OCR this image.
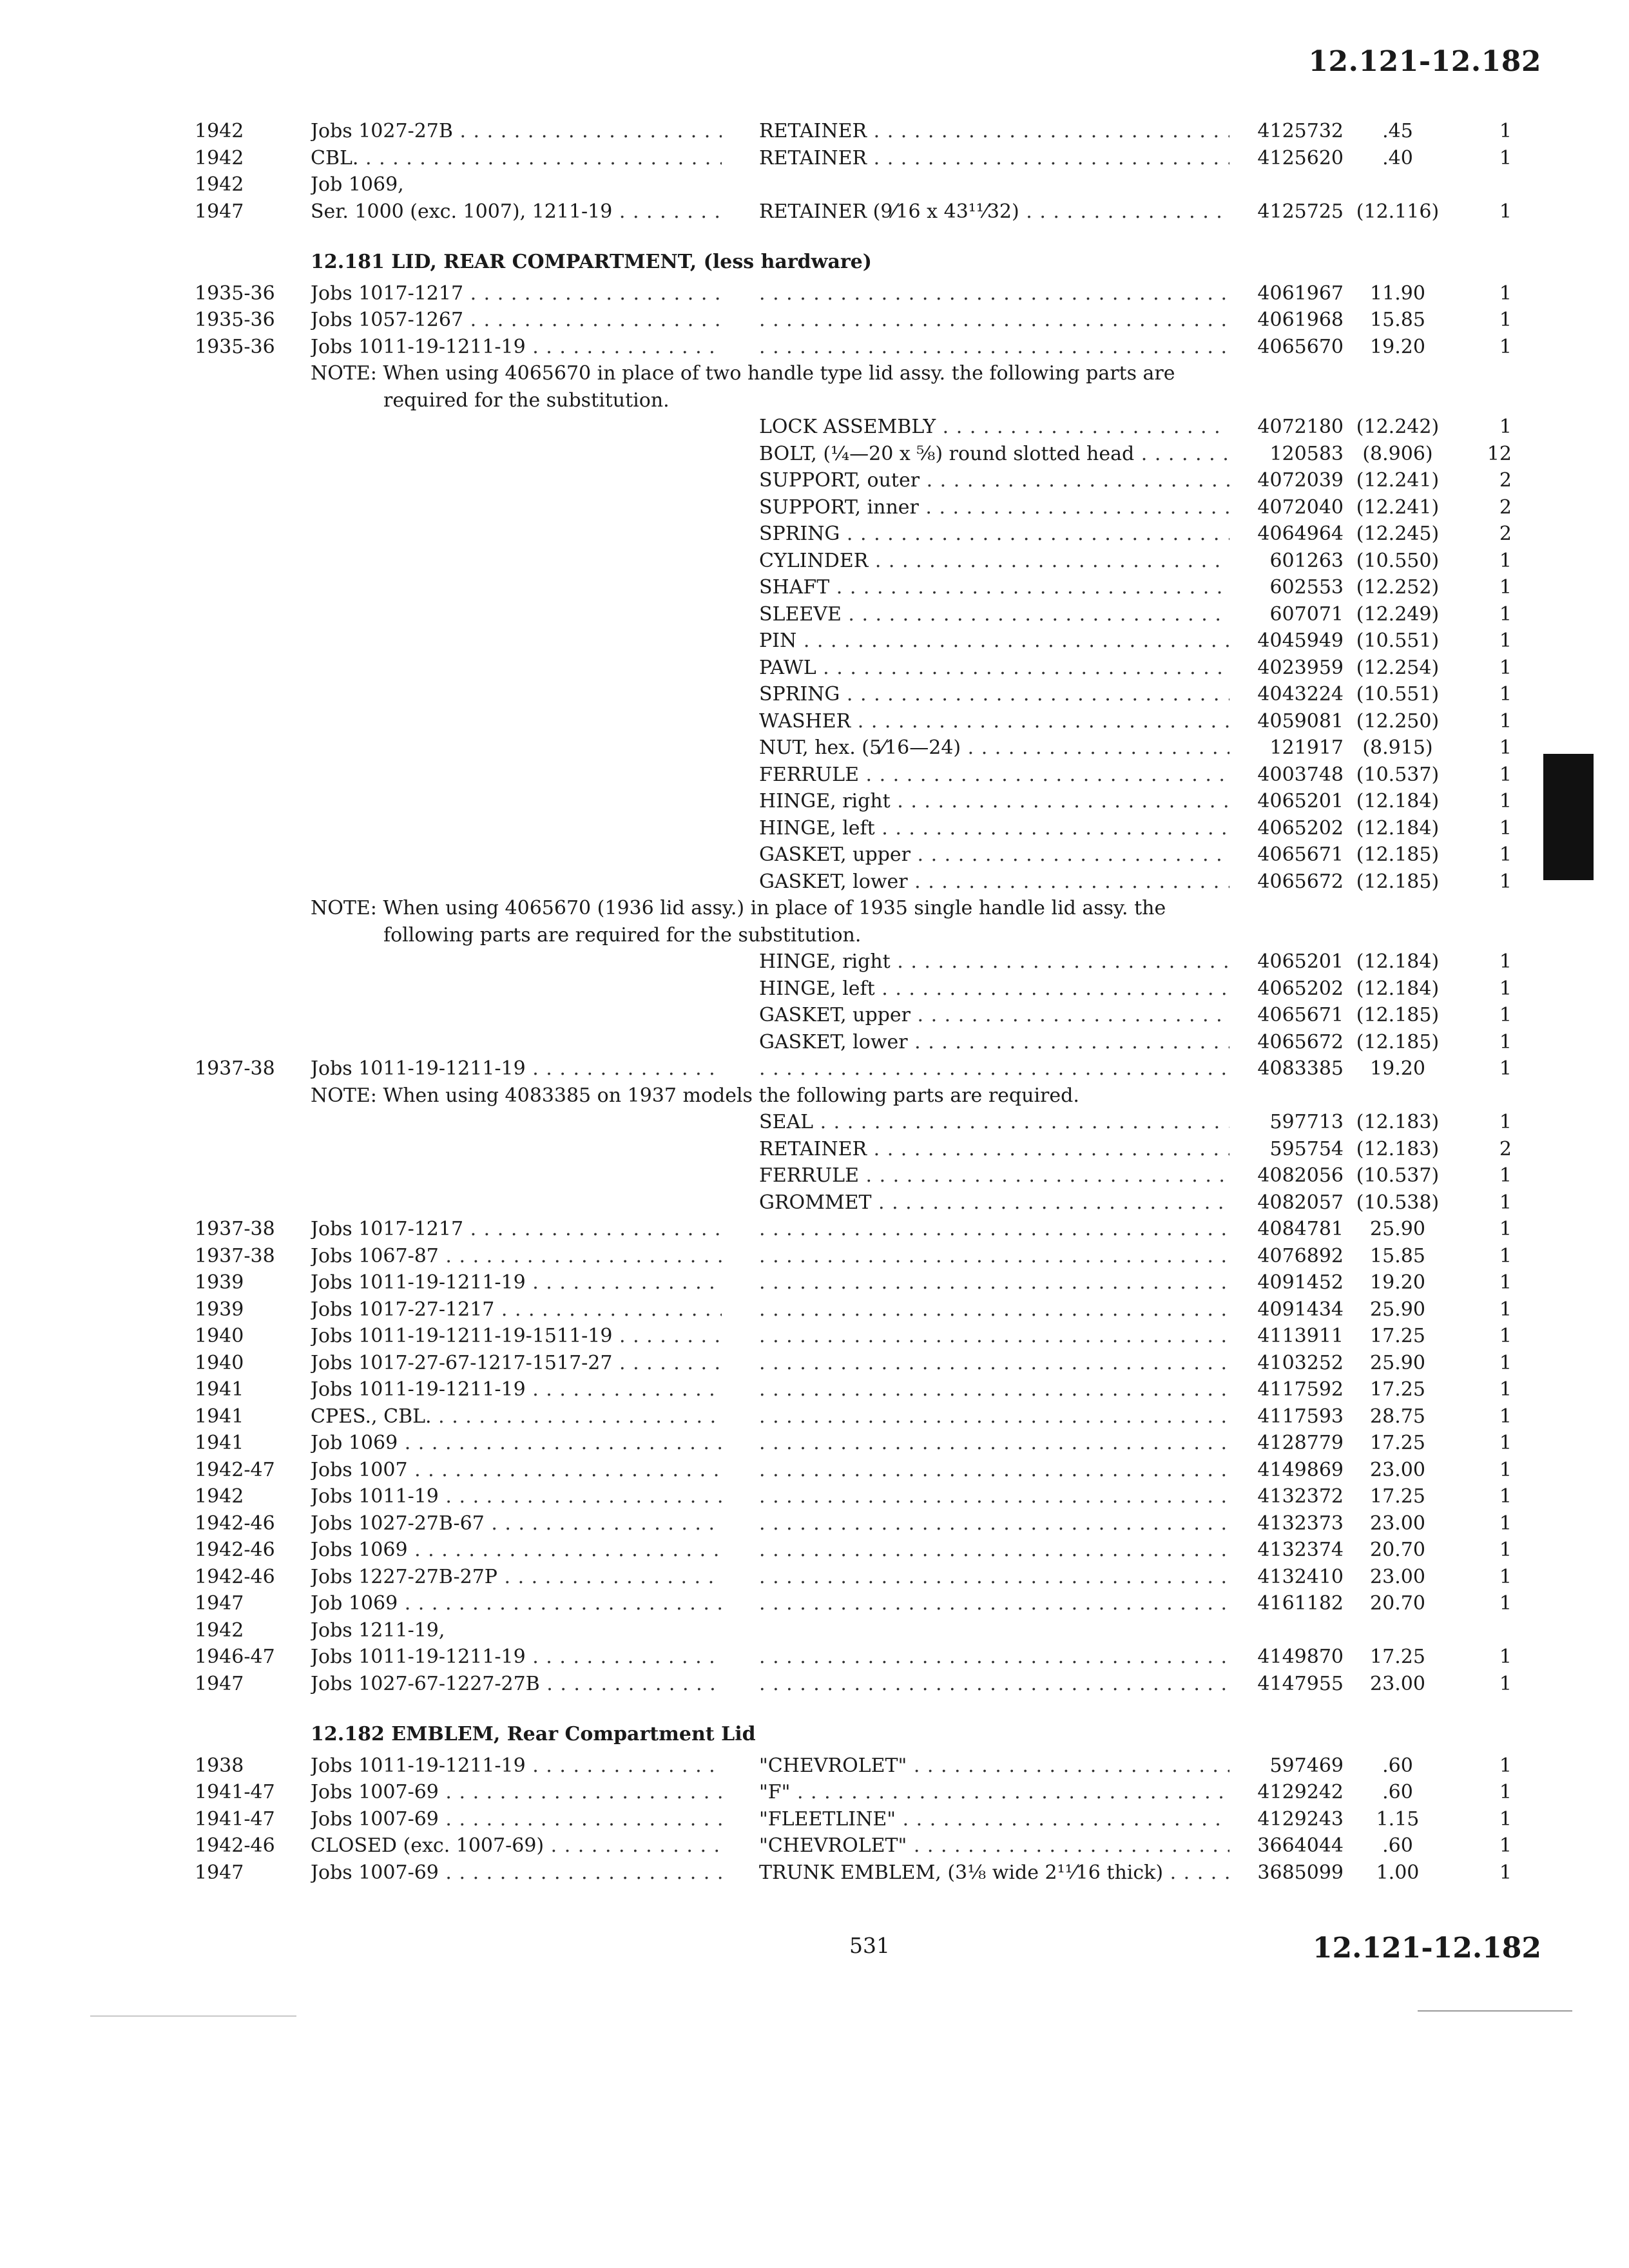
12.121-12.182
1942	Jobs 1027-27B . . .	RETAINER . . .	4125732	.45	1
1942	CBL. . . .	RETAINER . . .	4125620	.40	1
1942	Job 1069,
1947	Ser. 1000 (exc. 1007), 1211-19 . . .	RETAINER (9⁄16 x 43¹¹⁄32) . . .	4125725 (12.116)	1
12.181 LID, REAR COMPARTMENT, (less hardware)
1935-36	Jobs 1017-1217 . . . . . .	4061967	11.90	1
1935-36	Jobs 1057-1267 . . . . . .	4061968	15.85	1
1935-36	Jobs 1011-19-1211-19 . . . . . .	4065670	19.20	1
NOTE: When using 4065670 in place of two handle type lid assy. the following parts are
required for the substitution.
LOCK ASSEMBLY . . .	4072180 (12.242)	1
BOLT, (¼—20 x ⅝) round slotted head . . .	120583 (8.906)	12
SUPPORT, outer . . .	4072039 (12.241)	2
SUPPORT, inner . . .	4072040 (12.241)	2
SPRING . . .	4064964 (12.245)	2
CYLINDER . . .	601263 (10.550)	1
SHAFT . . .	602553 (12.252)	1
SLEEVE . . .	607071 (12.249)	1
PIN . . .	4045949 (10.551)	1
PAWL . . .	4023959 (12.254)	1
SPRING . . .	4043224 (10.551)	1
WASHER . . .	4059081 (12.250)	1
NUT, hex. (5⁄16—24) . . .	121917 (8.915)	1
FERRULE . . .	4003748 (10.537)	1
HINGE, right . . .	4065201 (12.184)	1
HINGE, left . . .	4065202 (12.184)	1
GASKET, upper . . .	4065671 (12.185)	1
GASKET, lower . . .	4065672 (12.185)	1
NOTE: When using 4065670 (1936 lid assy.) in place of 1935 single handle lid assy. the
following parts are required for the substitution.
HINGE, right . . .	4065201 (12.184)	1
HINGE, left . . .	4065202 (12.184)	1
GASKET, upper . . .	4065671 (12.185)	1
GASKET, lower . . .	4065672 (12.185)	1
1937-38	Jobs 1011-19-1211-19 . . . . . .	4083385	19.20	1
NOTE: When using 4083385 on 1937 models the following parts are required.
SEAL . . .	597713 (12.183)	1
RETAINER . . .	595754 (12.183)	2
FERRULE . . .	4082056 (10.537)	1
GROMMET . . .	4082057 (10.538)	1
1937-38	Jobs 1017-1217 . . . . . .	4084781	25.90	1
1937-38	Jobs 1067-87 . . . . . .	4076892	15.85	1
1939	Jobs 1011-19-1211-19 . . . . . .	4091452	19.20	1
1939	Jobs 1017-27-1217 . . . . . .	4091434	25.90	1
1940	Jobs 1011-19-1211-19-1511-19 . . . . . .	4113911	17.25	1
1940	Jobs 1017-27-67-1217-1517-27 . . . . . .	4103252	25.90	1
1941	Jobs 1011-19-1211-19 . . . . . .	4117592	17.25	1
1941	CPES., CBL. . . . . . .	4117593	28.75	1
1941	Job 1069 . . . . . .	4128779	17.25	1
1942-47	Jobs 1007 . . . . . .	4149869	23.00	1
1942	Jobs 1011-19 . . . . . .	4132372	17.25	1
1942-46	Jobs 1027-27B-67 . . . . . .	4132373	23.00	1
1942-46	Jobs 1069 . . . . . .	4132374	20.70	1
1942-46	Jobs 1227-27B-27P . . . . . .	4132410	23.00	1
1947	Job 1069 . . . . . .	4161182	20.70	1
1942	Jobs 1211-19,
1946-47	Jobs 1011-19-1211-19 . . . . . .	4149870	17.25	1
1947	Jobs 1027-67-1227-27B . . . . . .	4147955	23.00	1
12.182 EMBLEM, Rear Compartment Lid
1938	Jobs 1011-19-1211-19 . . .	"CHEVROLET" . . .	597469	.60	1
1941-47	Jobs 1007-69 . . .	"F" . . .	4129242	.60	1
1941-47	Jobs 1007-69 . . .	"FLEETLINE" . . .	4129243	1.15	1
1942-46	CLOSED (exc. 1007-69) . . .	"CHEVROLET" . . .	3664044	.60	1
1947	Jobs 1007-69 . . .	TRUNK EMBLEM, (3⅛ wide 2¹¹⁄16 thick) . . .	3685099	1.00	1
531	12.121-12.182
